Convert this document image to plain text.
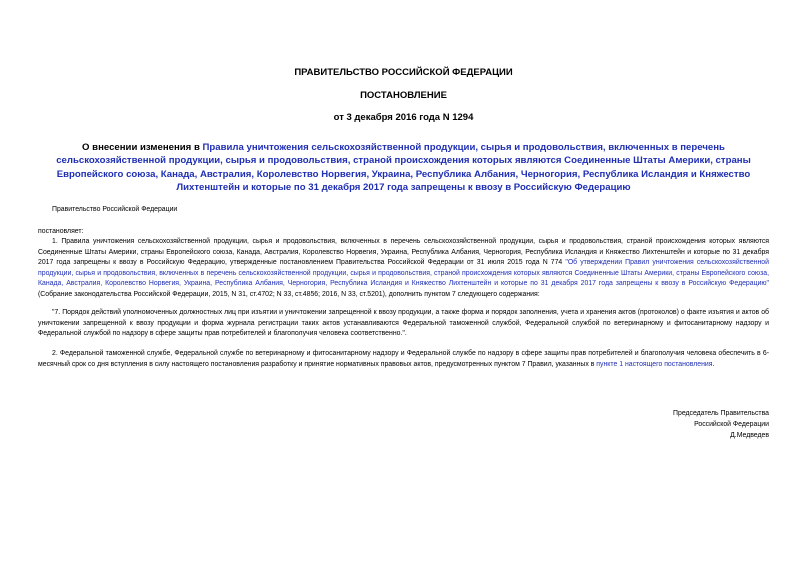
ПРАВИТЕЛЬСТВО РОССИЙСКОЙ ФЕДЕРАЦИИ
ПОСТАНОВЛЕНИЕ
от 3 декабря 2016 года N 1294
О внесении изменения в Правила уничтожения сельскохозяйственной продукции, сырья и продовольствия, включенных в перечень сельскохозяйственной продукции, сырья и продовольствия, страной происхождения которых являются Соединенные Штаты Америки, страны Европейского союза, Канада, Австралия, Королевство Норвегия, Украина, Республика Албания, Черногория, Республика Исландия и Княжество Лихтенштейн и которые по 31 декабря 2017 года запрещены к ввозу в Российскую Федерацию
Правительство Российской Федерации
постановляет:
1. Правила уничтожения сельскохозяйственной продукции, сырья и продовольствия, включенных в перечень сельскохозяйственной продукции, сырья и продовольствия, страной происхождения которых являются Соединенные Штаты Америки, страны Европейского союза, Канада, Австралия, Королевство Норвегия, Украина, Республика Албания, Черногория, Республика Исландия и Княжество Лихтенштейн и которые по 31 декабря 2017 года запрещены к ввозу в Российскую Федерацию, утвержденные постановлением Правительства Российской Федерации от 31 июля 2015 года N 774 "Об утверждении Правил уничтожения сельскохозяйственной продукции, сырья и продовольствия, включенных в перечень сельскохозяйственной продукции, сырья и продовольствия, страной происхождения которых являются Соединенные Штаты Америки, страны Европейского союза, Канада, Австралия, Королевство Норвегия, Украина, Республика Албания, Черногория, Республика Исландия и Княжество Лихтенштейн и которые по 31 декабря 2017 года запрещены к ввозу в Российскую Федерацию" (Собрание законодательства Российской Федерации, 2015, N 31, ст.4702; N 33, ст.4856; 2016, N 33, ст.5201), дополнить пунктом 7 следующего содержания:
"7. Порядок действий уполномоченных должностных лиц при изъятии и уничтожении запрещенной к ввозу продукции, а также форма и порядок заполнения, учета и хранения актов (протоколов) о факте изъятия и актов об уничтожении запрещенной к ввозу продукции и форма журнала регистрации таких актов устанавливаются Федеральной таможенной службой, Федеральной службой по ветеринарному и фитосанитарному надзору и Федеральной службой по надзору в сфере защиты прав потребителей и благополучия человека соответственно.".
2. Федеральной таможенной службе, Федеральной службе по ветеринарному и фитосанитарному надзору и Федеральной службе по надзору в сфере защиты прав потребителей и благополучия человека обеспечить в 6-месячный срок со дня вступления в силу настоящего постановления разработку и принятие нормативных правовых актов, предусмотренных пунктом 7 Правил, указанных в пункте 1 настоящего постановления.
Председатель Правительства
Российской Федерации
Д.Медведев
